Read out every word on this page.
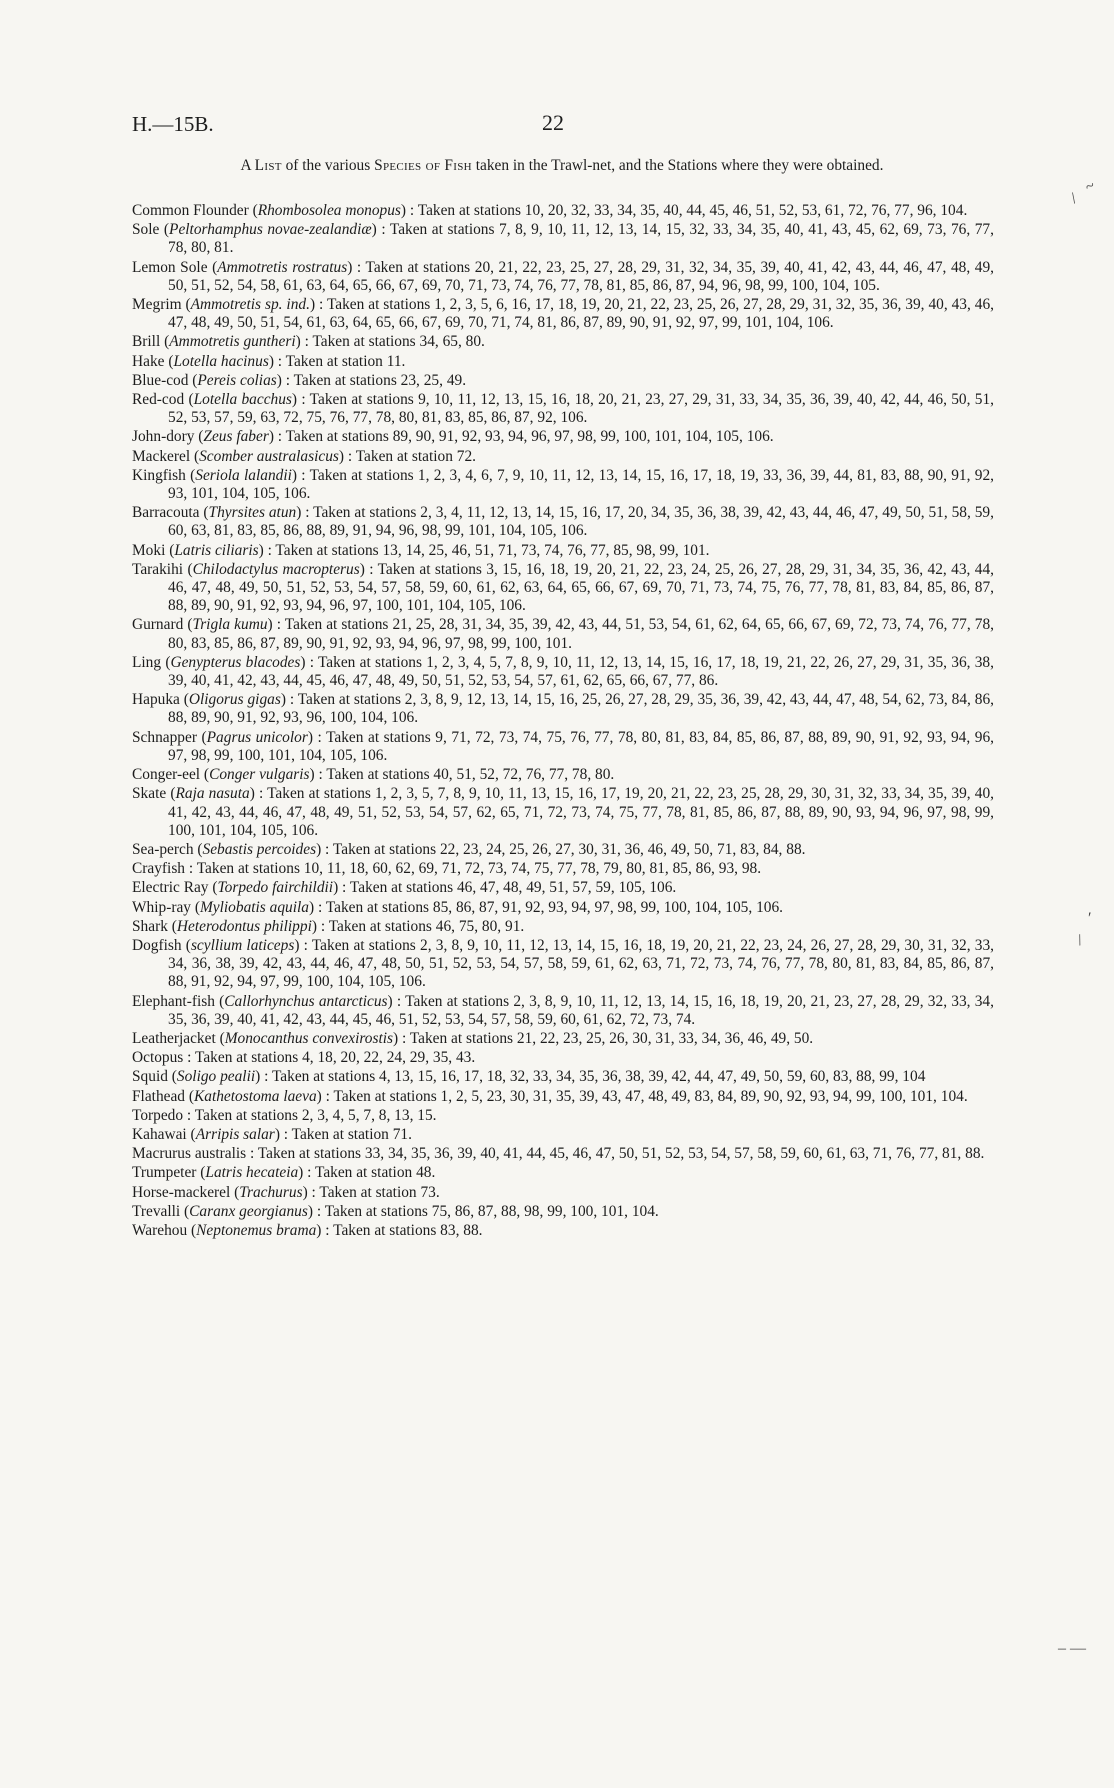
H.—15B.	22
A List of the various Species of Fish taken in the Trawl-net, and the Stations where they were obtained.
Common Flounder (Rhombosolea monopus) : Taken at stations 10, 20, 32, 33, 34, 35, 40, 44, 45, 46, 51, 52, 53, 61, 72, 76, 77, 96, 104.
Sole (Peltorhamphus novae-zealandiæ) : Taken at stations 7, 8, 9, 10, 11, 12, 13, 14, 15, 32, 33, 34, 35, 40, 41, 43, 45, 62, 69, 73, 76, 77, 78, 80, 81.
Lemon Sole (Ammotretis rostratus) : Taken at stations 20, 21, 22, 23, 25, 27, 28, 29, 31, 32, 34, 35, 39, 40, 41, 42, 43, 44, 46, 47, 48, 49, 50, 51, 52, 54, 58, 61, 63, 64, 65, 66, 67, 69, 70, 71, 73, 74, 76, 77, 78, 81, 85, 86, 87, 94, 96, 98, 99, 100, 104, 105.
Megrim (Ammotretis sp. ind.) : Taken at stations 1, 2, 3, 5, 6, 16, 17, 18, 19, 20, 21, 22, 23, 25, 26, 27, 28, 29, 31, 32, 35, 36, 39, 40, 43, 46, 47, 48, 49, 50, 51, 54, 61, 63, 64, 65, 66, 67, 69, 70, 71, 74, 81, 86, 87, 89, 90, 91, 92, 97, 99, 101, 104, 106.
Brill (Ammotretis guntheri) : Taken at stations 34, 65, 80.
Hake (Lotella hacinus) : Taken at station 11.
Blue-cod (Pereis colias) : Taken at stations 23, 25, 49.
Red-cod (Lotella bacchus) : Taken at stations 9, 10, 11, 12, 13, 15, 16, 18, 20, 21, 23, 27, 29, 31, 33, 34, 35, 36, 39, 40, 42, 44, 46, 50, 51, 52, 53, 57, 59, 63, 72, 75, 76, 77, 78, 80, 81, 83, 85, 86, 87, 92, 106.
John-dory (Zeus faber) : Taken at stations 89, 90, 91, 92, 93, 94, 96, 97, 98, 99, 100, 101, 104, 105, 106.
Mackerel (Scomber australasicus) : Taken at station 72.
Kingfish (Seriola lalandii) : Taken at stations 1, 2, 3, 4, 6, 7, 9, 10, 11, 12, 13, 14, 15, 16, 17, 18, 19, 33, 36, 39, 44, 81, 83, 88, 90, 91, 92, 93, 101, 104, 105, 106.
Barracouta (Thyrsites atun) : Taken at stations 2, 3, 4, 11, 12, 13, 14, 15, 16, 17, 20, 34, 35, 36, 38, 39, 42, 43, 44, 46, 47, 49, 50, 51, 58, 59, 60, 63, 81, 83, 85, 86, 88, 89, 91, 94, 96, 98, 99, 101, 104, 105, 106.
Moki (Latris ciliaris) : Taken at stations 13, 14, 25, 46, 51, 71, 73, 74, 76, 77, 85, 98, 99, 101.
Tarakihi (Chilodactylus macropterus) : Taken at stations 3, 15, 16, 18, 19, 20, 21, 22, 23, 24, 25, 26, 27, 28, 29, 31, 34, 35, 36, 42, 43, 44, 46, 47, 48, 49, 50, 51, 52, 53, 54, 57, 58, 59, 60, 61, 62, 63, 64, 65, 66, 67, 69, 70, 71, 73, 74, 75, 76, 77, 78, 81, 83, 84, 85, 86, 87, 88, 89, 90, 91, 92, 93, 94, 96, 97, 100, 101, 104, 105, 106.
Gurnard (Trigla kumu) : Taken at stations 21, 25, 28, 31, 34, 35, 39, 42, 43, 44, 51, 53, 54, 61, 62, 64, 65, 66, 67, 69, 72, 73, 74, 76, 77, 78, 80, 83, 85, 86, 87, 89, 90, 91, 92, 93, 94, 96, 97, 98, 99, 100, 101.
Ling (Genypterus blacodes) : Taken at stations 1, 2, 3, 4, 5, 7, 8, 9, 10, 11, 12, 13, 14, 15, 16, 17, 18, 19, 21, 22, 26, 27, 29, 31, 35, 36, 38, 39, 40, 41, 42, 43, 44, 45, 46, 47, 48, 49, 50, 51, 52, 53, 54, 57, 61, 62, 65, 66, 67, 77, 86.
Hapuka (Oligorus gigas) : Taken at stations 2, 3, 8, 9, 12, 13, 14, 15, 16, 25, 26, 27, 28, 29, 35, 36, 39, 42, 43, 44, 47, 48, 54, 62, 73, 84, 86, 88, 89, 90, 91, 92, 93, 96, 100, 104, 106.
Schnapper (Pagrus unicolor) : Taken at stations 9, 71, 72, 73, 74, 75, 76, 77, 78, 80, 81, 83, 84, 85, 86, 87, 88, 89, 90, 91, 92, 93, 94, 96, 97, 98, 99, 100, 101, 104, 105, 106.
Conger-eel (Conger vulgaris) : Taken at stations 40, 51, 52, 72, 76, 77, 78, 80.
Skate (Raja nasuta) : Taken at stations 1, 2, 3, 5, 7, 8, 9, 10, 11, 13, 15, 16, 17, 19, 20, 21, 22, 23, 25, 28, 29, 30, 31, 32, 33, 34, 35, 39, 40, 41, 42, 43, 44, 46, 47, 48, 49, 51, 52, 53, 54, 57, 62, 65, 71, 72, 73, 74, 75, 77, 78, 81, 85, 86, 87, 88, 89, 90, 93, 94, 96, 97, 98, 99, 100, 101, 104, 105, 106.
Sea-perch (Sebastis percoides) : Taken at stations 22, 23, 24, 25, 26, 27, 30, 31, 36, 46, 49, 50, 71, 83, 84, 88.
Crayfish : Taken at stations 10, 11, 18, 60, 62, 69, 71, 72, 73, 74, 75, 77, 78, 79, 80, 81, 85, 86, 93, 98.
Electric Ray (Torpedo fairchildii) : Taken at stations 46, 47, 48, 49, 51, 57, 59, 105, 106.
Whip-ray (Myliobatis aquila) : Taken at stations 85, 86, 87, 91, 92, 93, 94, 97, 98, 99, 100, 104, 105, 106.
Shark (Heterodontus philippi) : Taken at stations 46, 75, 80, 91.
Dogfish (scyllium laticeps) : Taken at stations 2, 3, 8, 9, 10, 11, 12, 13, 14, 15, 16, 18, 19, 20, 21, 22, 23, 24, 26, 27, 28, 29, 30, 31, 32, 33, 34, 36, 38, 39, 42, 43, 44, 46, 47, 48, 50, 51, 52, 53, 54, 57, 58, 59, 61, 62, 63, 71, 72, 73, 74, 76, 77, 78, 80, 81, 83, 84, 85, 86, 87, 88, 91, 92, 94, 97, 99, 100, 104, 105, 106.
Elephant-fish (Callorhynchus antarcticus) : Taken at stations 2, 3, 8, 9, 10, 11, 12, 13, 14, 15, 16, 18, 19, 20, 21, 23, 27, 28, 29, 32, 33, 34, 35, 36, 39, 40, 41, 42, 43, 44, 45, 46, 51, 52, 53, 54, 57, 58, 59, 60, 61, 62, 72, 73, 74.
Leatherjacket (Monocanthus convexirostis) : Taken at stations 21, 22, 23, 25, 26, 30, 31, 33, 34, 36, 46, 49, 50.
Octopus : Taken at stations 4, 18, 20, 22, 24, 29, 35, 43.
Squid (Soligo pealii) : Taken at stations 4, 13, 15, 16, 17, 18, 32, 33, 34, 35, 36, 38, 39, 42, 44, 47, 49, 50, 59, 60, 83, 88, 99, 104
Flathead (Kathetostoma laeva) : Taken at stations 1, 2, 5, 23, 30, 31, 35, 39, 43, 47, 48, 49, 83, 84, 89, 90, 92, 93, 94, 99, 100, 101, 104.
Torpedo : Taken at stations 2, 3, 4, 5, 7, 8, 13, 15.
Kahawai (Arripis salar) : Taken at station 71.
Macrurus australis : Taken at stations 33, 34, 35, 36, 39, 40, 41, 44, 45, 46, 47, 50, 51, 52, 53, 54, 57, 58, 59, 60, 61, 63, 71, 76, 77, 81, 88.
Trumpeter (Latris hecateia) : Taken at station 48.
Horse-mackerel (Trachurus) : Taken at station 73.
Trevalli (Caranx georgianus) : Taken at stations 75, 86, 87, 88, 98, 99, 100, 101, 104.
Warehou (Neptonemus brama) : Taken at stations 83, 88.
~
/
′
/
– —
